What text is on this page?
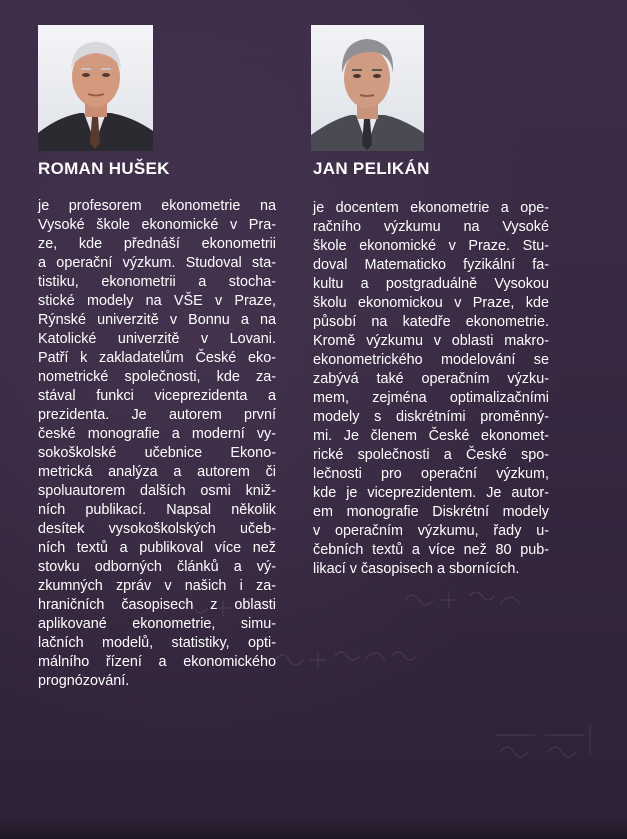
ROMAN HUŠEK
je profesorem ekonometrie na
Vysoké škole ekonomické v Pra-
ze, kde přednáší ekonometrii
a operační výzkum. Studoval sta-
tistiku, ekonometrii a stocha-
stické modely na VŠE v Praze,
Rýnské univerzitě v Bonnu a na
Katolické univerzitě v Lovani.
Patří k zakladatelům České eko-
nometrické společnosti, kde za-
stával funkci viceprezidenta a
prezidenta. Je autorem první
české monografie a moderní vy-
sokoškolské učebnice Ekono-
metrická analýza a autorem či
spoluautorem dalších osmi kniž-
ních publikací. Napsal několik
desítek vysokoškolských učeb-
ních textů a publikoval více než
stovku odborných článků a vý-
zkumných zpráv v našich i za-
hraničních časopisech z oblasti
aplikované ekonometrie, simu-
lačních modelů, statistiky, opti-
málního řízení a ekonomického
prognózování.
JAN PELIKÁN
je docentem ekonometrie a ope-
račního výzkumu na Vysoké
škole ekonomické v Praze. Stu-
doval Matematicko fyzikální fa-
kultu a postgraduálně Vysokou
školu ekonomickou v Praze, kde
působí na katedře ekonometrie.
Kromě výzkumu v oblasti makro-
ekonometrického modelování se
zabývá také operačním výzku-
mem, zejména optimalizačními
modely s diskrétními proměnný-
mi. Je členem České ekonomet-
rické společnosti a České spo-
lečnosti pro operační výzkum,
kde je viceprezidentem. Je autor-
em monografie Diskrétní modely
v operačním výzkumu, řady u-
čebních textů a více než 80 pub-
likací v časopisech a sbornících.
